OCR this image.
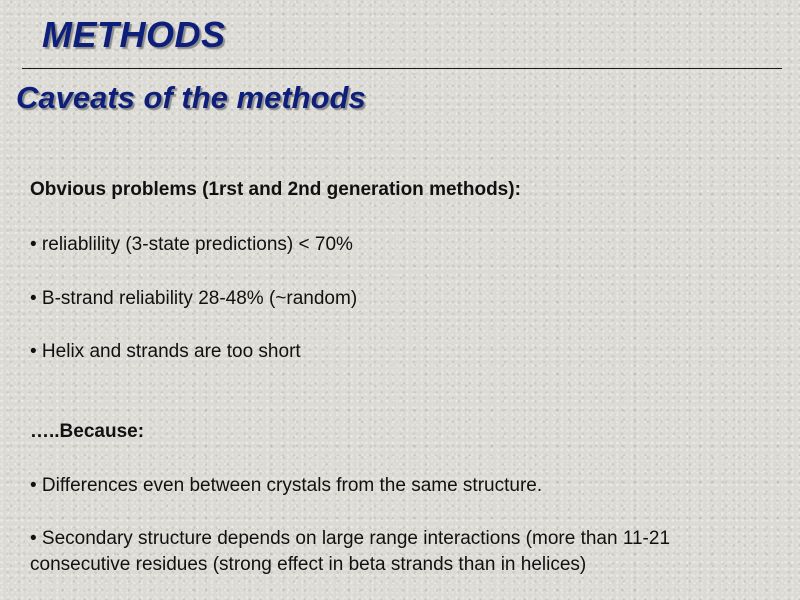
METHODS
Caveats of the methods

Obvious problems (1rst and 2nd generation methods):

• reliablility (3-state predictions) < 70%

• B-strand reliability 28-48% (~random)

• Helix and strands are too short

…..Because:

• Differences even between crystals from the same structure.

• Secondary structure depends on large range interactions (more than 11-21 consecutive residues (strong effect in beta strands than in helices)
